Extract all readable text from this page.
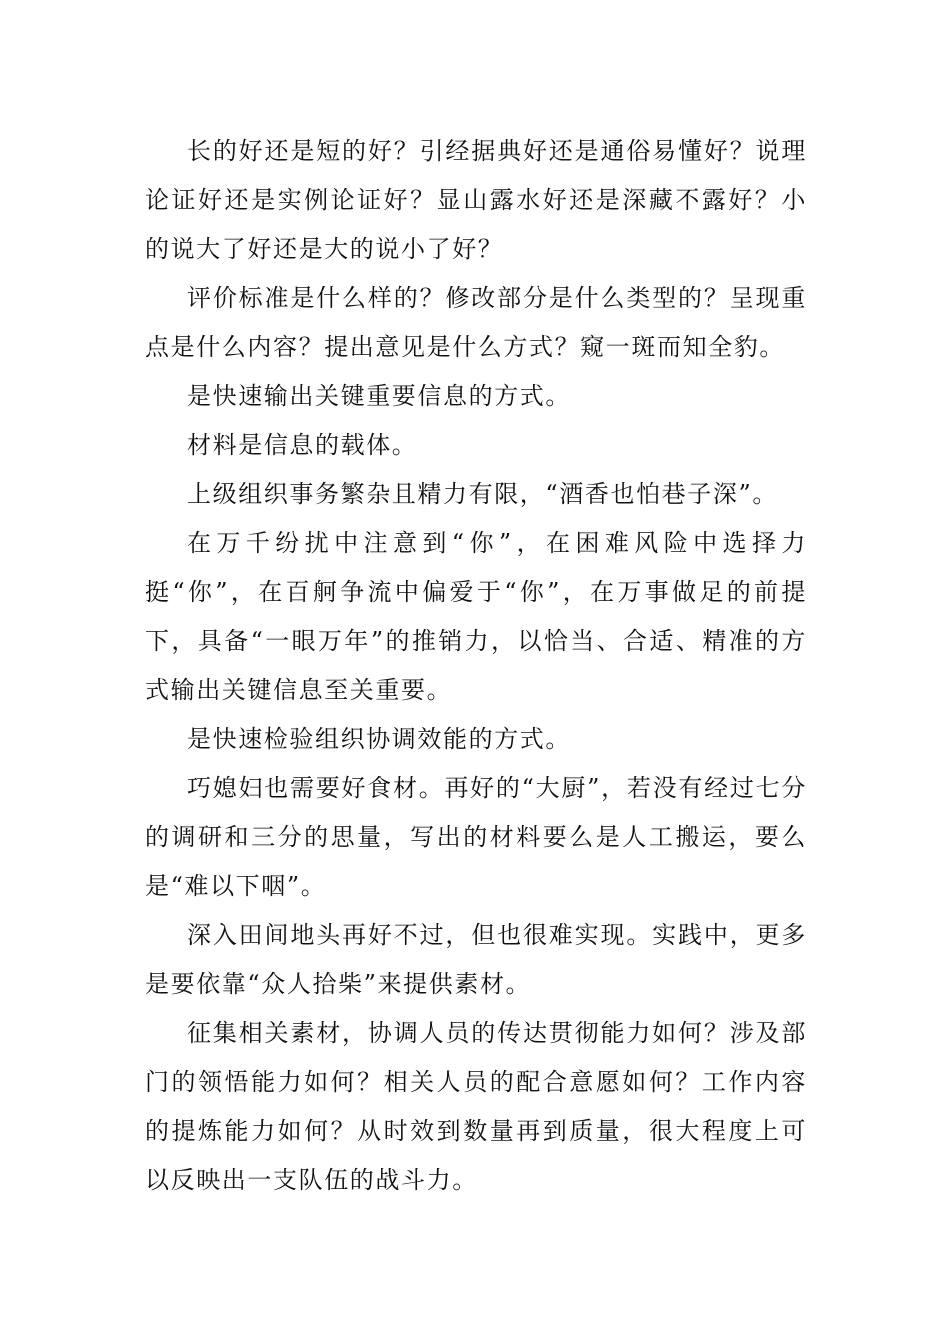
长的好还是短的好？引经据典好还是通俗易懂好？说理论证好还是实例论证好？显山露水好还是深藏不露好？小的说大了好还是大的说小了好？

评价标准是什么样的？修改部分是什么类型的？呈现重点是什么内容？提出意见是什么方式？窥一斑而知全豹。

是快速输出关键重要信息的方式。

材料是信息的载体。

上级组织事务繁杂且精力有限，“酒香也怕巷子深”。

在万千纷扰中注意到“你”，在困难风险中选择力挺“你”，在百舸争流中偏爱于“你”，在万事做足的前提下，具备“一眼万年”的推销力，以恰当、合适、精准的方式输出关键信息至关重要。

是快速检验组织协调效能的方式。

巧媳妇也需要好食材。再好的“大厨”，若没有经过七分的调研和三分的思量，写出的材料要么是人工搬运，要么是“难以下咽”。

深入田间地头再好不过，但也很难实现。实践中，更多是要依靠“众人拾柴”来提供素材。

征集相关素材，协调人员的传达贯彻能力如何？涉及部门的领悟能力如何？相关人员的配合意愿如何？工作内容的提炼能力如何？从时效到数量再到质量，很大程度上可以反映出一支队伍的战斗力。
